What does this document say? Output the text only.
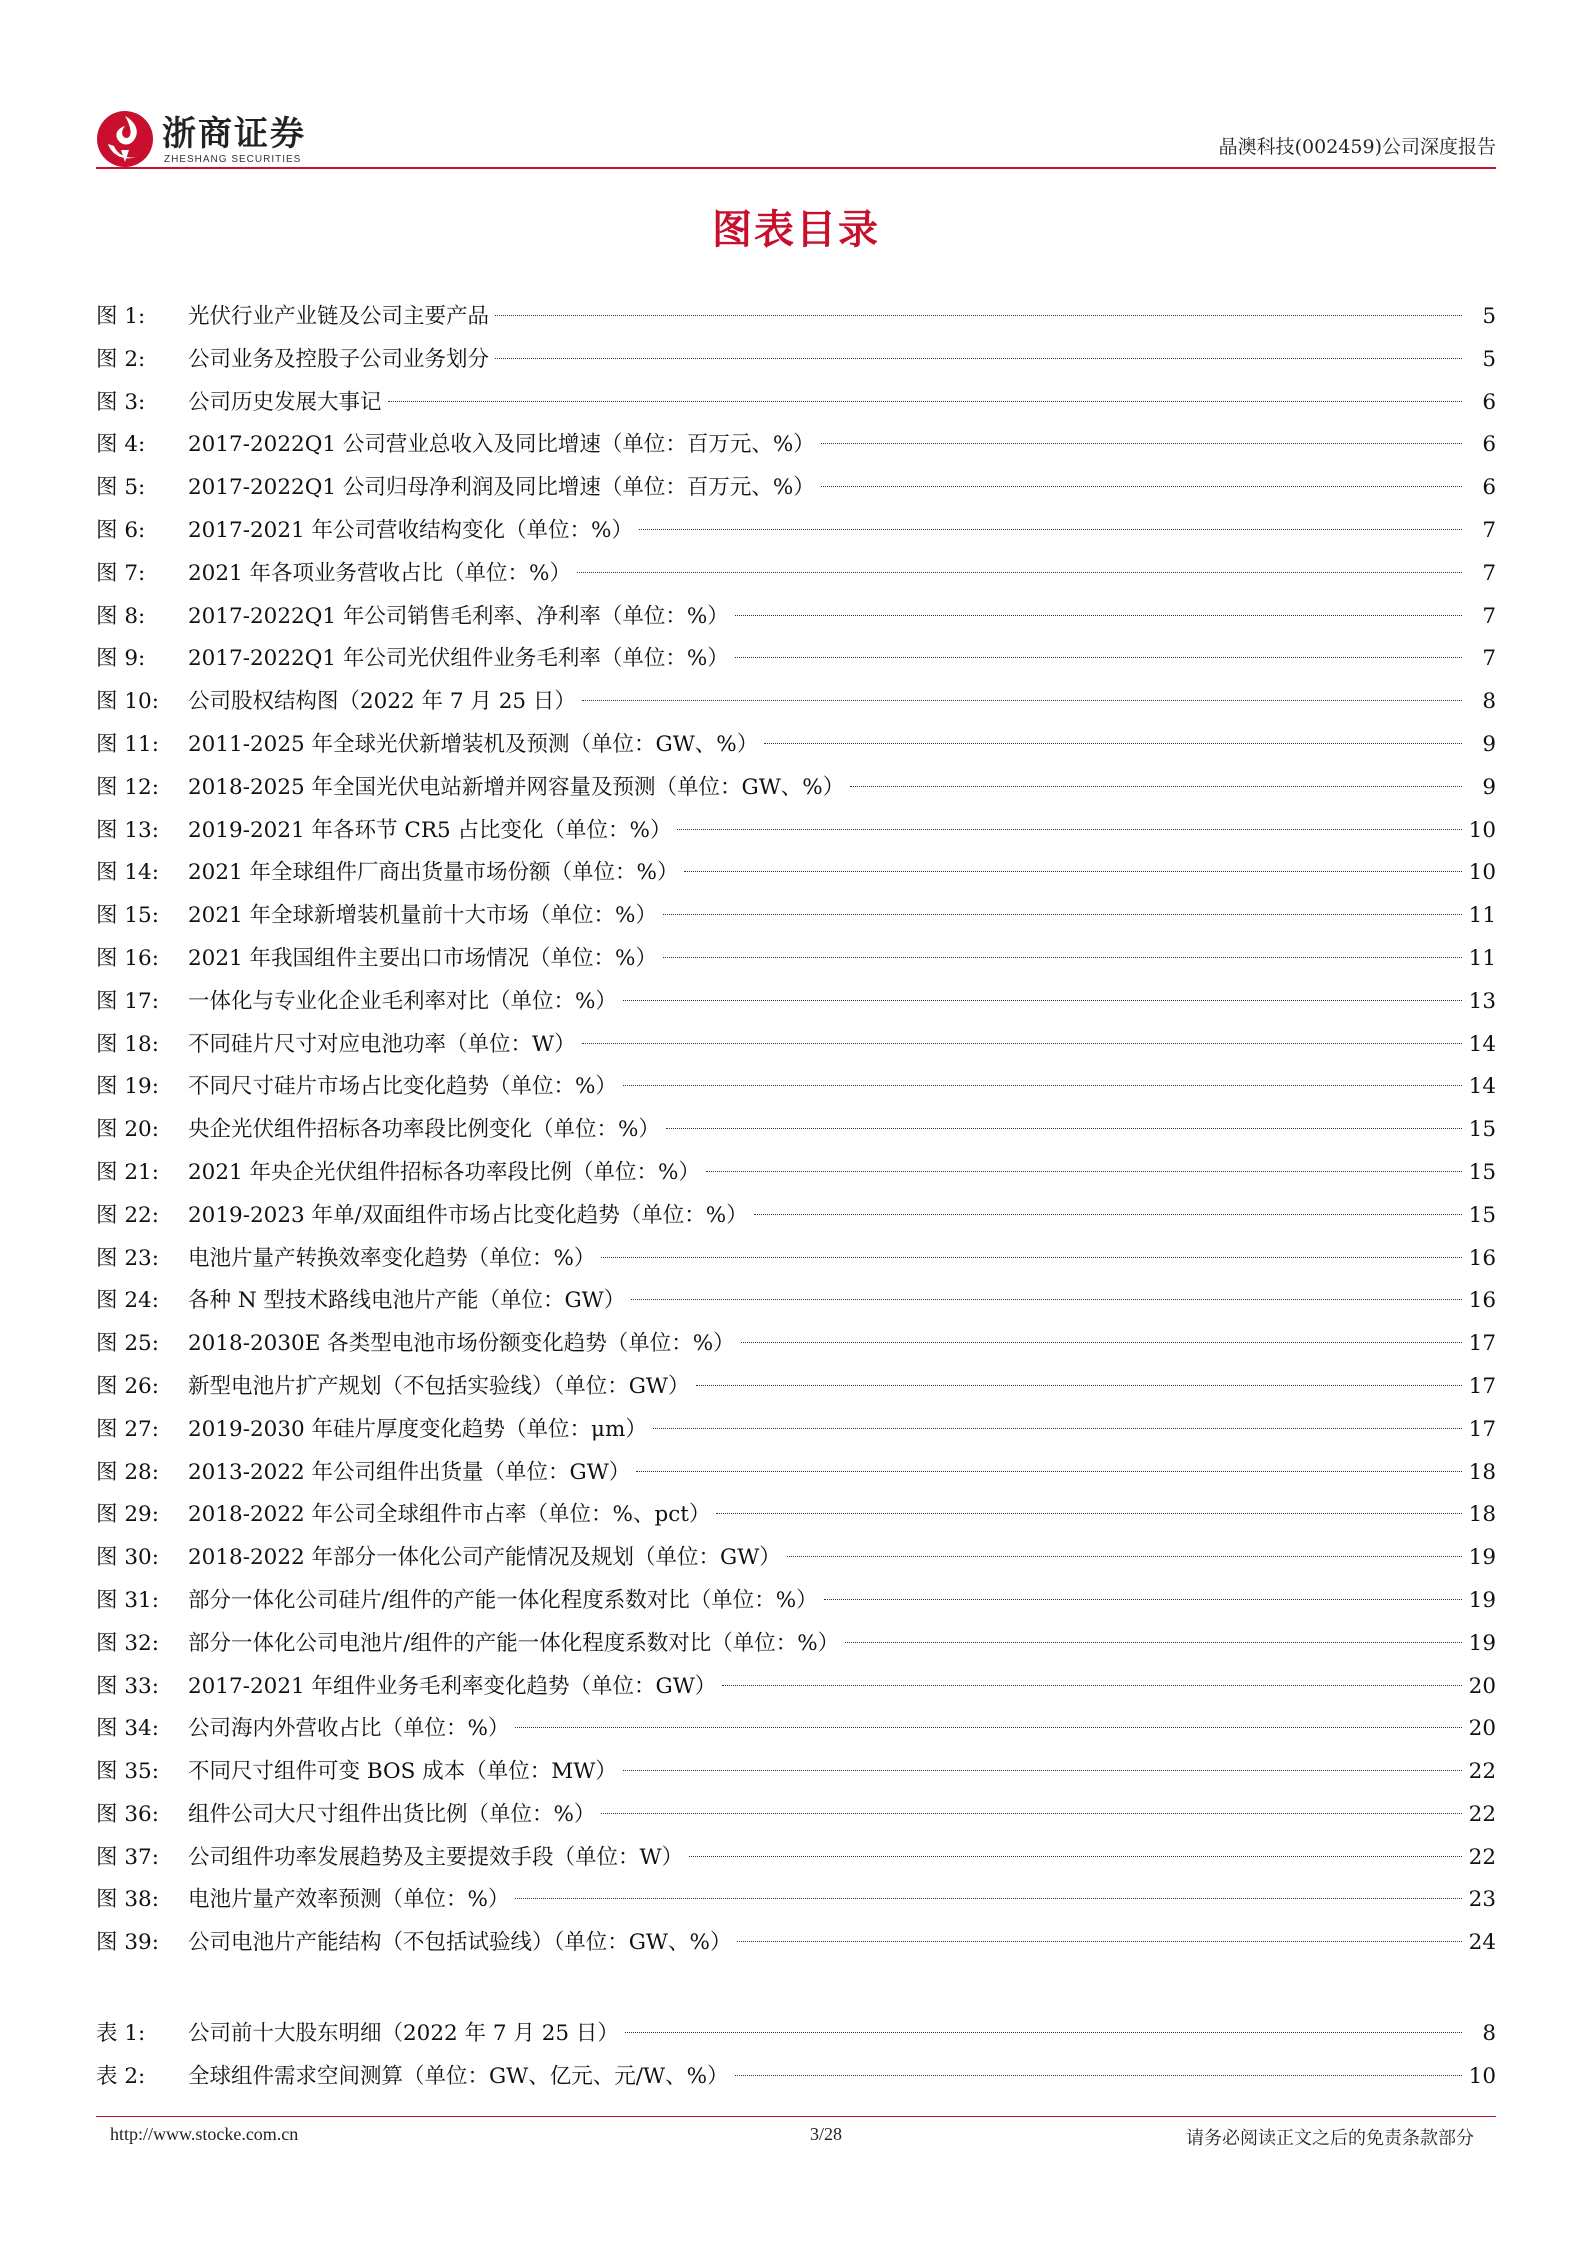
浙商证券
ZHESHANG SECURITIES
晶澳科技(002459)公司深度报告
图表目录
图 1:	光伏行业产业链及公司主要产品	5
图 2:	公司业务及控股子公司业务划分	5
图 3:	公司历史发展大事记	6
图 4:	2017-2022Q1 公司营业总收入及同比增速（单位：百万元、%）	6
图 5:	2017-2022Q1 公司归母净利润及同比增速（单位：百万元、%）	6
图 6:	2017-2021 年公司营收结构变化（单位：%）	7
图 7:	2021 年各项业务营收占比（单位：%）	7
图 8:	2017-2022Q1 年公司销售毛利率、净利率（单位：%）	7
图 9:	2017-2022Q1 年公司光伏组件业务毛利率（单位：%）	7
图 10:	公司股权结构图（2022 年 7 月 25 日）	8
图 11:	2011-2025 年全球光伏新增装机及预测（单位：GW、%）	9
图 12:	2018-2025 年全国光伏电站新增并网容量及预测（单位：GW、%）	9
图 13:	2019-2021 年各环节 CR5 占比变化（单位：%）	10
图 14:	2021 年全球组件厂商出货量市场份额（单位：%）	10
图 15:	2021 年全球新增装机量前十大市场（单位：%）	11
图 16:	2021 年我国组件主要出口市场情况（单位：%）	11
图 17:	一体化与专业化企业毛利率对比（单位：%）	13
图 18:	不同硅片尺寸对应电池功率（单位：W）	14
图 19:	不同尺寸硅片市场占比变化趋势（单位：%）	14
图 20:	央企光伏组件招标各功率段比例变化（单位：%）	15
图 21:	2021 年央企光伏组件招标各功率段比例（单位：%）	15
图 22:	2019-2023 年单/双面组件市场占比变化趋势（单位：%）	15
图 23:	电池片量产转换效率变化趋势（单位：%）	16
图 24:	各种 N 型技术路线电池片产能（单位：GW）	16
图 25:	2018-2030E 各类型电池市场份额变化趋势（单位：%）	17
图 26:	新型电池片扩产规划（不包括实验线）（单位：GW）	17
图 27:	2019-2030 年硅片厚度变化趋势（单位：μm）	17
图 28:	2013-2022 年公司组件出货量（单位：GW）	18
图 29:	2018-2022 年公司全球组件市占率（单位：%、pct）	18
图 30:	2018-2022 年部分一体化公司产能情况及规划（单位：GW）	19
图 31:	部分一体化公司硅片/组件的产能一体化程度系数对比（单位：%）	19
图 32:	部分一体化公司电池片/组件的产能一体化程度系数对比（单位：%）	19
图 33:	2017-2021 年组件业务毛利率变化趋势（单位：GW）	20
图 34:	公司海内外营收占比（单位：%）	20
图 35:	不同尺寸组件可变 BOS 成本（单位：MW）	22
图 36:	组件公司大尺寸组件出货比例（单位：%）	22
图 37:	公司组件功率发展趋势及主要提效手段（单位：W）	22
图 38:	电池片量产效率预测（单位：%）	23
图 39:	公司电池片产能结构（不包括试验线）（单位：GW、%）	24
表 1:	公司前十大股东明细（2022 年 7 月 25 日）	8
表 2:	全球组件需求空间测算（单位：GW、亿元、元/W、%）	10
http://www.stocke.com.cn	3/28	请务必阅读正文之后的免责条款部分
